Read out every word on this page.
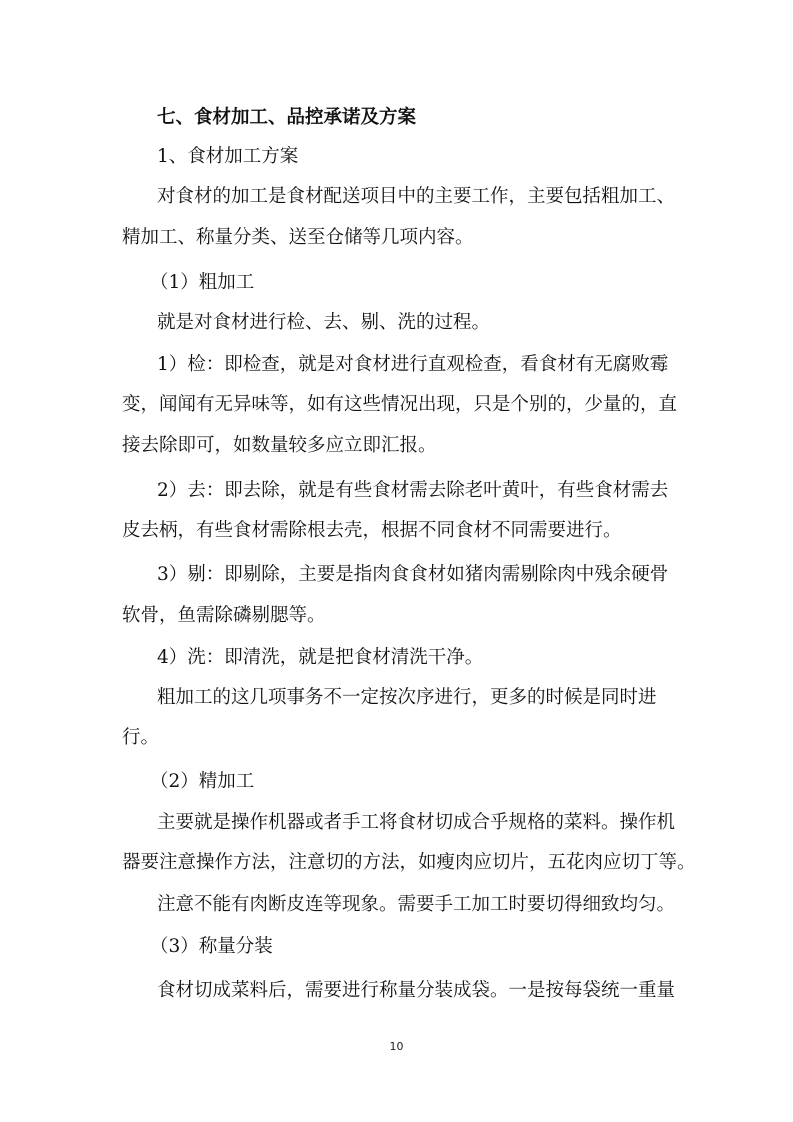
七、食材加工、品控承诺及方案
1、食材加工方案
对食材的加工是食材配送项目中的主要工作，主要包括粗加工、
精加工、称量分类、送至仓储等几项内容。
（1）粗加工
就是对食材进行检、去、剔、洗的过程。
1）检：即检查，就是对食材进行直观检查，看食材有无腐败霉
变，闻闻有无异味等，如有这些情况出现，只是个别的，少量的，直
接去除即可，如数量较多应立即汇报。
2）去：即去除，就是有些食材需去除老叶黄叶，有些食材需去
皮去柄，有些食材需除根去壳，根据不同食材不同需要进行。
3）剔：即剔除，主要是指肉食食材如猪肉需剔除肉中残余硬骨
软骨，鱼需除磷剔腮等。
4）洗：即清洗，就是把食材清洗干净。
粗加工的这几项事务不一定按次序进行，更多的时候是同时进
行。
（2）精加工
主要就是操作机器或者手工将食材切成合乎规格的菜料。操作机
器要注意操作方法，注意切的方法，如瘦肉应切片，五花肉应切丁等。
注意不能有肉断皮连等现象。需要手工加工时要切得细致均匀。
（3）称量分装
食材切成菜料后，需要进行称量分装成袋。一是按每袋统一重量
10
